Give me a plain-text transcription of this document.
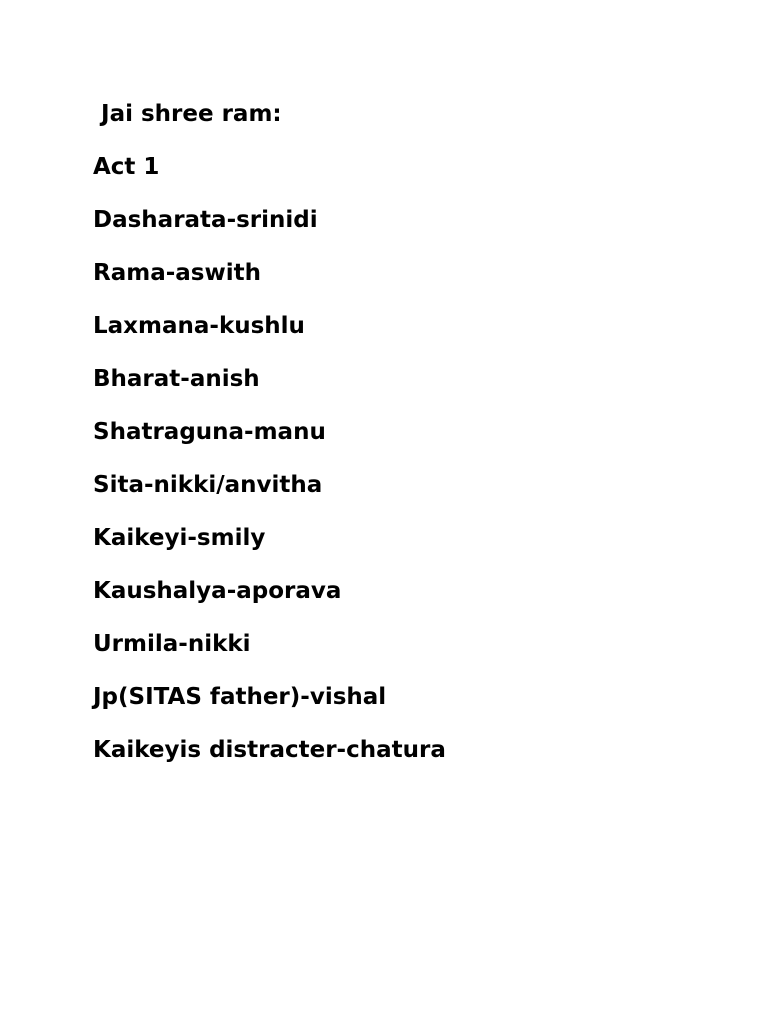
Jai shree ram:
Act 1
Dasharata-srinidi
Rama-aswith
Laxmana-kushlu
Bharat-anish
Shatraguna-manu
Sita-nikki/anvitha
Kaikeyi-smily
Kaushalya-aporava
Urmila-nikki
Jp(SITAS father)-vishal
Kaikeyis distracter-chatura
